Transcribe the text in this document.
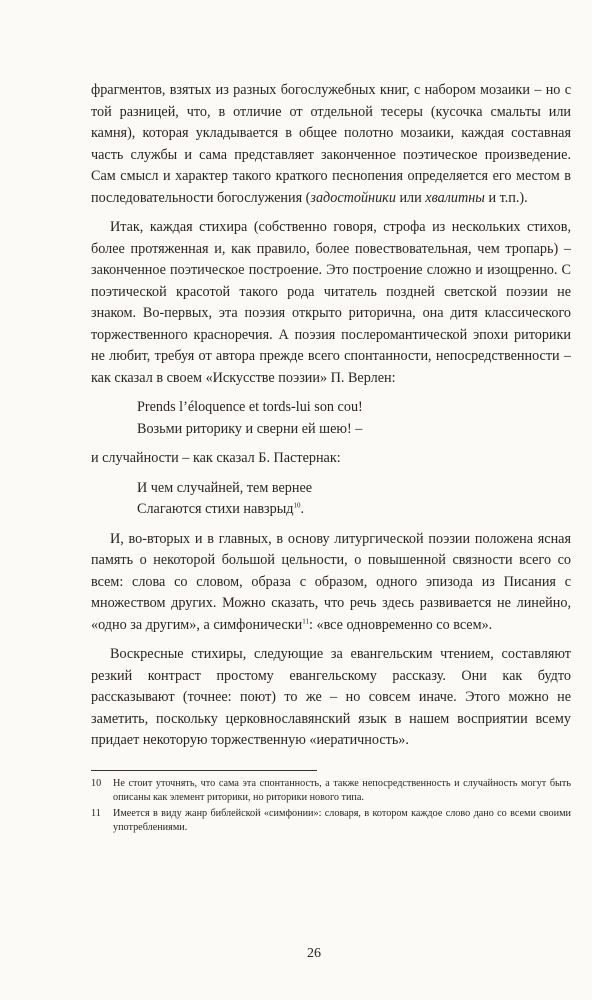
фрагментов, взятых из разных богослужебных книг, с набором мозаики – но с той разницей, что, в отличие от отдельной тесеры (кусочка смальты или камня), которая укладывается в общее полотно мозаики, каждая составная часть службы и сама представляет законченное поэтическое произведение. Сам смысл и характер такого краткого песнопения определяется его местом в последовательности богослужения (задостойники или хвалитны и т.п.).

Итак, каждая стихира (собственно говоря, строфа из нескольких стихов, более протяженная и, как правило, более повествовательная, чем тропарь) – законченное поэтическое построение. Это построение сложно и изощренно. С поэтической красотой такого рода читатель поздней светской поэзии не знаком. Во-первых, эта поэзия открыто риторична, она дитя классического торжественного красноречия. А поэзия послеромантической эпохи риторики не любит, требуя от автора прежде всего спонтанности, непосредственности – как сказал в своем «Искусстве поэзии» П. Верлен:

Prends l’éloquence et tords-lui son cou!
Возьми риторику и сверни ей шею! –

и случайности – как сказал Б. Пастернак:

И чем случайней, тем вернее
Слагаются стихи навзрыд$^{10}$.

И, во-вторых и в главных, в основу литургической поэзии положена ясная память о некоторой большой цельности, о повышенной связности всего со всем: слова со словом, образа с образом, одного эпизода из Писания с множеством других. Можно сказать, что речь здесь развивается не линейно, «одно за другим», а симфонически$^{11}$: «все одновременно со всем».

Воскресные стихиры, следующие за евангельским чтением, составляют резкий контраст простому евангельскому рассказу. Они как будто рассказывают (точнее: поют) то же – но совсем иначе. Этого можно не заметить, поскольку церковнославянский язык в нашем восприятии всему придает некоторую торжественную «иератичность».

10 Не стоит уточнять, что сама эта спонтанность, а также непосредственность и случайность могут быть описаны как элемент риторики, но риторики нового типа.

11 Имеется в виду жанр библейской «симфонии»: словаря, в котором каждое слово дано со всеми своими употреблениями.

26
